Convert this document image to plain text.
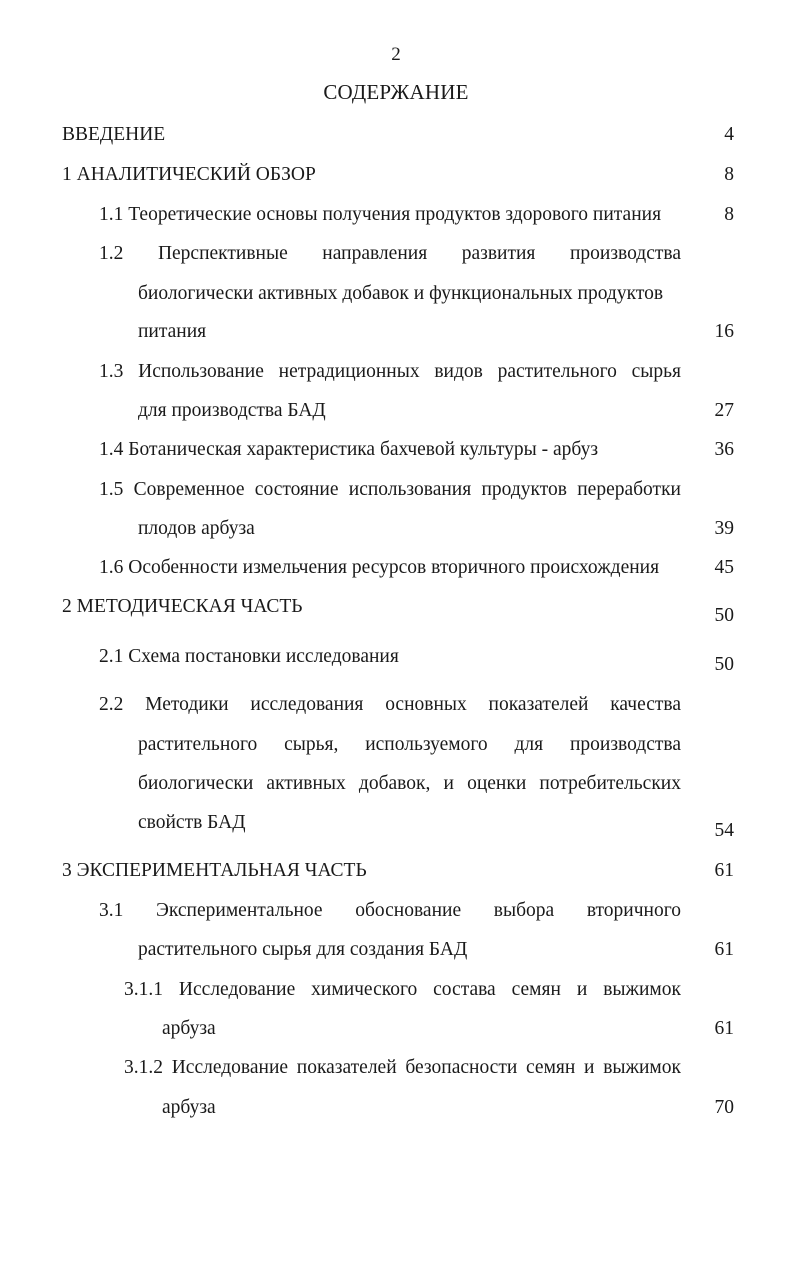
2
СОДЕРЖАНИЕ
ВВЕДЕНИЕ	4
1 АНАЛИТИЧЕСКИЙ ОБЗОР	8
1.1 Теоретические основы получения продуктов здорового питания	8
1.2 Перспективные направления развития производства
биологически активных добавок и функциональных продуктов
питания	16
1.3 Использование нетрадиционных видов растительного сырья
для производства БАД	27
1.4 Ботаническая характеристика бахчевой культуры - арбуз	36
1.5 Современное состояние использования продуктов переработки
плодов арбуза	39
1.6 Особенности измельчения ресурсов вторичного происхождения	45
2 МЕТОДИЧЕСКАЯ ЧАСТЬ	50
2.1 Схема постановки исследования	50
2.2 Методики исследования основных показателей качества
растительного сырья, используемого для производства
биологически активных добавок, и оценки потребительских
свойств БАД	54
3 ЭКСПЕРИМЕНТАЛЬНАЯ ЧАСТЬ	61
3.1 Экспериментальное обоснование выбора вторичного
растительного сырья для создания БАД	61
3.1.1 Исследование химического состава семян и выжимок
арбуза	61
3.1.2 Исследование показателей безопасности семян и выжимок
арбуза	70
